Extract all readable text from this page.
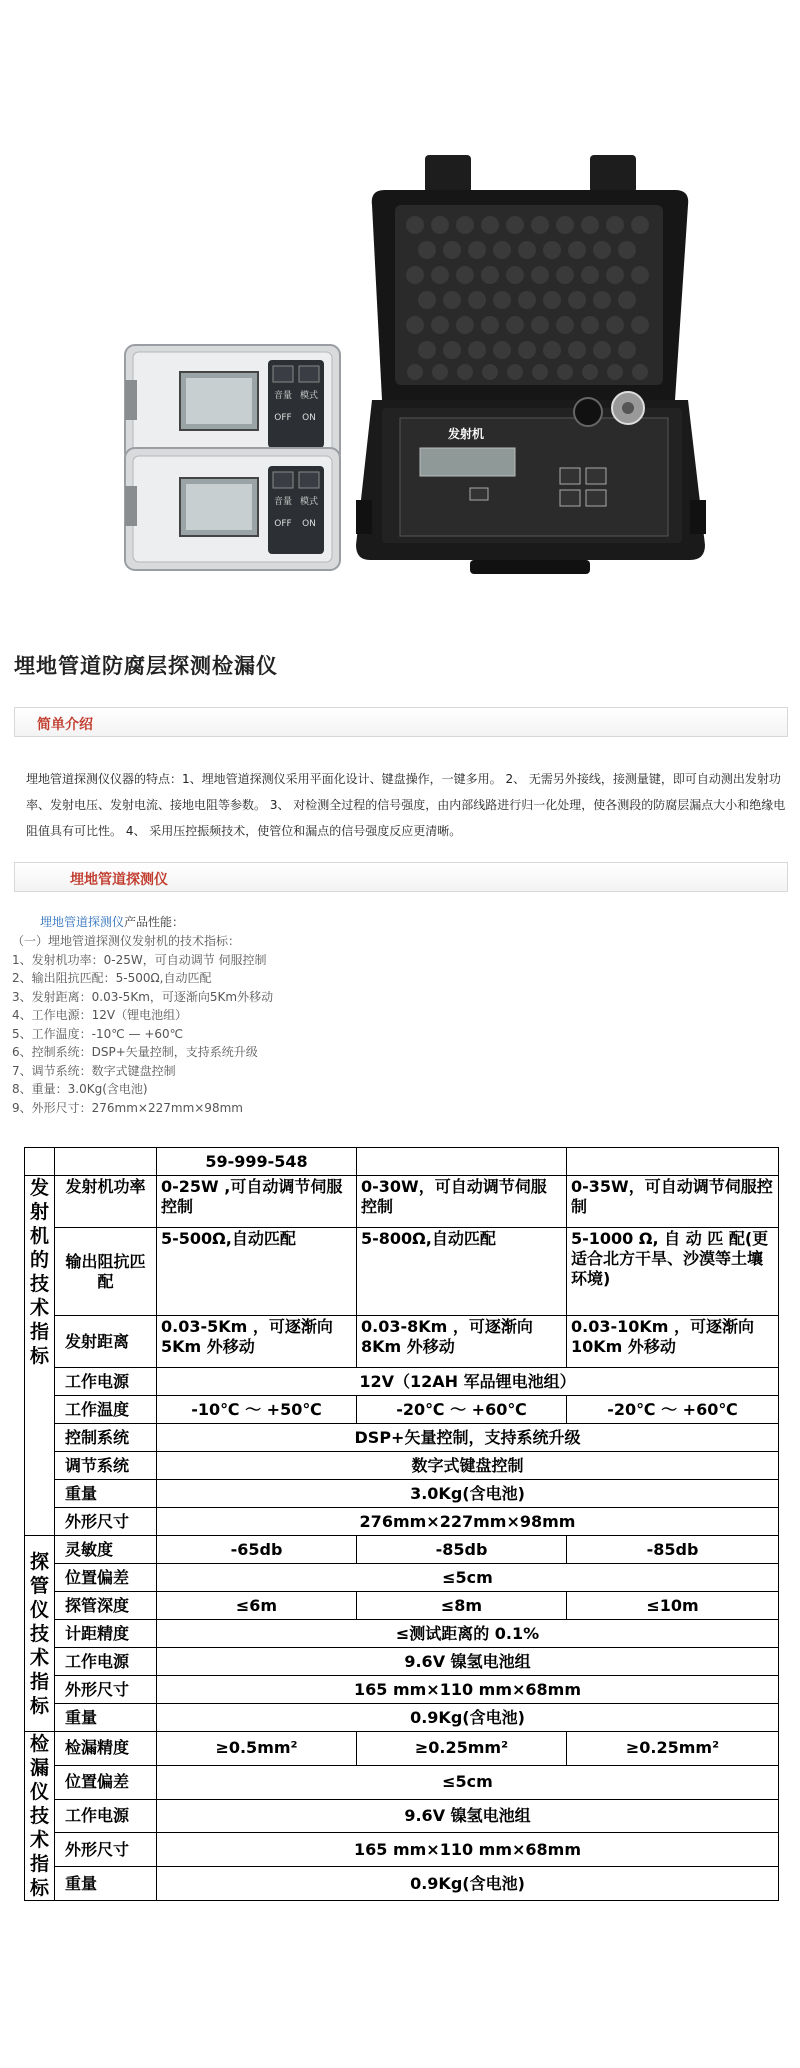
音量 模式
OFF ON
音量 模式
OFF ON
发射机
埋地管道防腐层探测检漏仪
简单介绍
埋地管道探测仪仪器的特点：1、埋地管道探测仪采用平面化设计、键盘操作，一键多用。 2、 无需另外接线，接测量键，即可自动测出发射功率、发射电压、发射电流、接地电阻等参数。 3、 对检测全过程的信号强度，由内部线路进行归一化处理，使各测段的防腐层漏点大小和绝缘电阻值具有可比性。 4、 采用压控振频技术，使管位和漏点的信号强度反应更清晰。
埋地管道探测仪
埋地管道探测仪产品性能：
（一）埋地管道探测仪发射机的技术指标：
1、发射机功率：0-25W，可自动调节 伺服控制
2、输出阻抗匹配：5-500Ω,自动匹配
3、发射距离：0.03-5Km，可逐渐向5Km外移动
4、工作电源：12V（锂电池组）
5、工作温度：-10℃ — +60℃
6、控制系统：DSP+矢量控制，支持系统升级
7、调节系统：数字式键盘控制
8、重量：3.0Kg(含电池)
9、外形尺寸：276mm×227mm×98mm
		59-999-548		

发射机的技术指标	发射机功率	0-25W ,可自动调节伺服控制	0-30W，可自动调节伺服控制	0-35W，可自动调节伺服控制
	输出阻抗匹配	5-500Ω,自动匹配	5-800Ω,自动匹配	5-1000 Ω, 自 动 匹 配(更适合北方干旱、沙漠等土壤环境)
	发射距离	0.03-5Km ，可逐渐向 5Km 外移动	0.03-8Km ，可逐渐向8Km 外移动	0.03-10Km ，可逐渐向 10Km 外移动
	工作电源	12V（12AH 军品锂电池组）		
	工作温度	-10℃ ～ +50℃	-20℃ ～ +60℃	-20℃ ～ +60℃
	控制系统	DSP+矢量控制，支持系统升级		
	调节系统	数字式键盘控制		
	重量	3.0Kg(含电池)		
	外形尺寸	276mm×227mm×98mm		

探管仪技术指标	灵敏度	-65db	-85db	-85db
	位置偏差	≤5cm		
	探管深度	≤6m	≤8m	≤10m
	计距精度	≤测试距离的 0.1%		
	工作电源	9.6V 镍氢电池组		
	外形尺寸	165 mm×110 mm×68mm		
	重量	0.9Kg(含电池)		

检漏仪技术指标	检漏精度	≥0.5mm²	≥0.25mm²	≥0.25mm²
	位置偏差	≤5cm		
	工作电源	9.6V 镍氢电池组		
	外形尺寸	165 mm×110 mm×68mm		
	重量	0.9Kg(含电池)		
